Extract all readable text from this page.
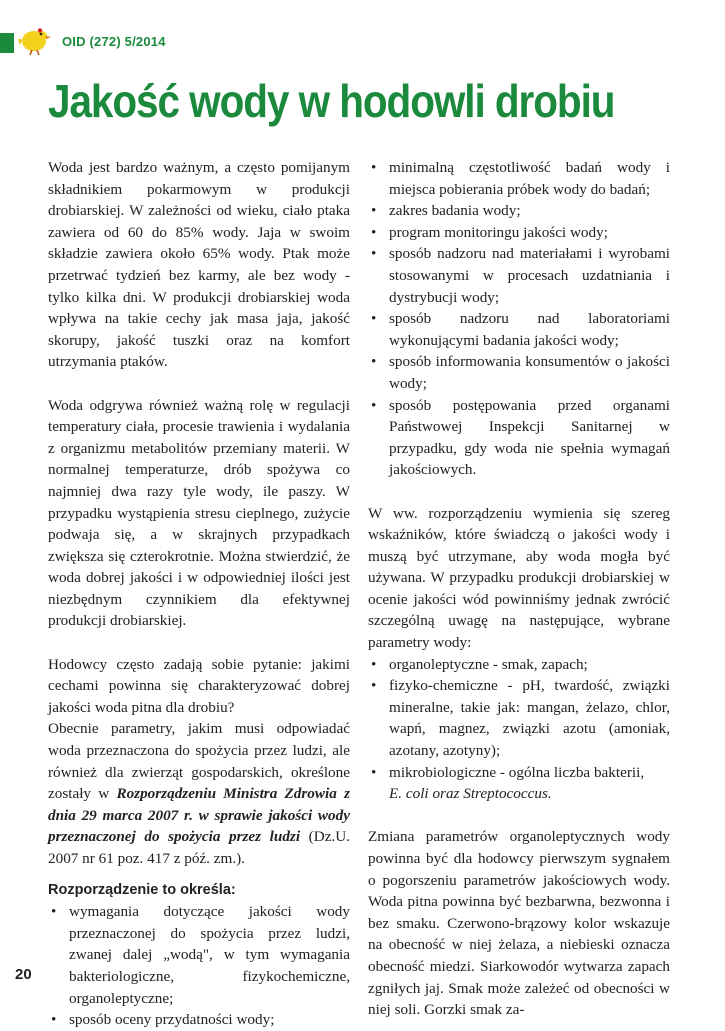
OID (272) 5/2014
Jakość wody w hodowli drobiu

Woda jest bardzo ważnym, a często pomijanym składnikiem pokarmowym w produkcji drobiarskiej. W zależności od wieku, ciało ptaka zawiera od 60 do 85% wody. Jaja w swoim składzie zawiera około 65% wody. Ptak może przetrwać tydzień bez karmy, ale bez wody - tylko kilka dni. W produkcji drobiarskiej woda wpływa na takie cechy jak masa jaja, jakość skorupy, jakość tuszki oraz na komfort utrzymania ptaków.

Woda odgrywa również ważną rolę w regulacji temperatury ciała, procesie trawienia i wydalania z organizmu metabolitów przemiany materii. W normalnej temperaturze, drób spożywa co najmniej dwa razy tyle wody, ile paszy. W przypadku wystąpienia stresu cieplnego, zużycie podwaja się, a w skrajnych przypadkach zwiększa się czterokrotnie. Można stwierdzić, że woda dobrej jakości i w odpowiedniej ilości jest niezbędnym czynnikiem dla efektywnej produkcji drobiarskiej.

Hodowcy często zadają sobie pytanie: jakimi cechami powinna się charakteryzować dobrej jakości woda pitna dla drobiu?

Obecnie parametry, jakim musi odpowiadać woda przeznaczona do spożycia przez ludzi, ale również dla zwierząt gospodarskich, określone zostały w Rozporządzeniu Ministra Zdrowia z dnia 29 marca 2007 r. w sprawie jakości wody przeznaczonej do spożycia przez ludzi (Dz.U. 2007 nr 61 poz. 417 z póź. zm.).

Rozporządzenie to określa:
• wymagania dotyczące jakości wody przeznaczonej do spożycia przez ludzi, zwanej dalej „wodą", w tym wymagania bakteriologiczne, fizykochemiczne, organoleptyczne;
• sposób oceny przydatności wody;
• minimalną częstotliwość badań wody i miejsca pobierania próbek wody do badań;
• zakres badania wody;
• program monitoringu jakości wody;
• sposób nadzoru nad materiałami i wyrobami stosowanymi w procesach uzdatniania i dystrybucji wody;
• sposób nadzoru nad laboratoriami wykonującymi badania jakości wody;
• sposób informowania konsumentów o jakości wody;
• sposób postępowania przed organami Państwowej Inspekcji Sanitarnej w przypadku, gdy woda nie spełnia wymagań jakościowych.

W ww. rozporządzeniu wymienia się szereg wskaźników, które świadczą o jakości wody i muszą być utrzymane, aby woda mogła być używana. W przypadku produkcji drobiarskiej w ocenie jakości wód powinniśmy jednak zwrócić szczególną uwagę na następujące, wybrane parametry wody:

• organoleptyczne - smak, zapach;
• fizyko-chemiczne - pH, twardość, związki mineralne, takie jak: mangan, żelazo, chlor, wapń, magnez, związki azotu (amoniak, azotany, azotyny);
• mikrobiologiczne - ogólna liczba bakterii,
E. coli oraz Streptococcus.

Zmiana parametrów organoleptycznych wody powinna być dla hodowcy pierwszym sygnałem o pogorszeniu parametrów jakościowych wody. Woda pitna powinna być bezbarwna, bezwonna i bez smaku. Czerwono-brązowy kolor wskazuje na obecność w niej żelaza, a niebieski oznacza obecność miedzi. Siarkowodór wytwarza zapach zgniłych jaj. Smak może zależeć od obecności w niej soli. Gorzki smak za-

20
